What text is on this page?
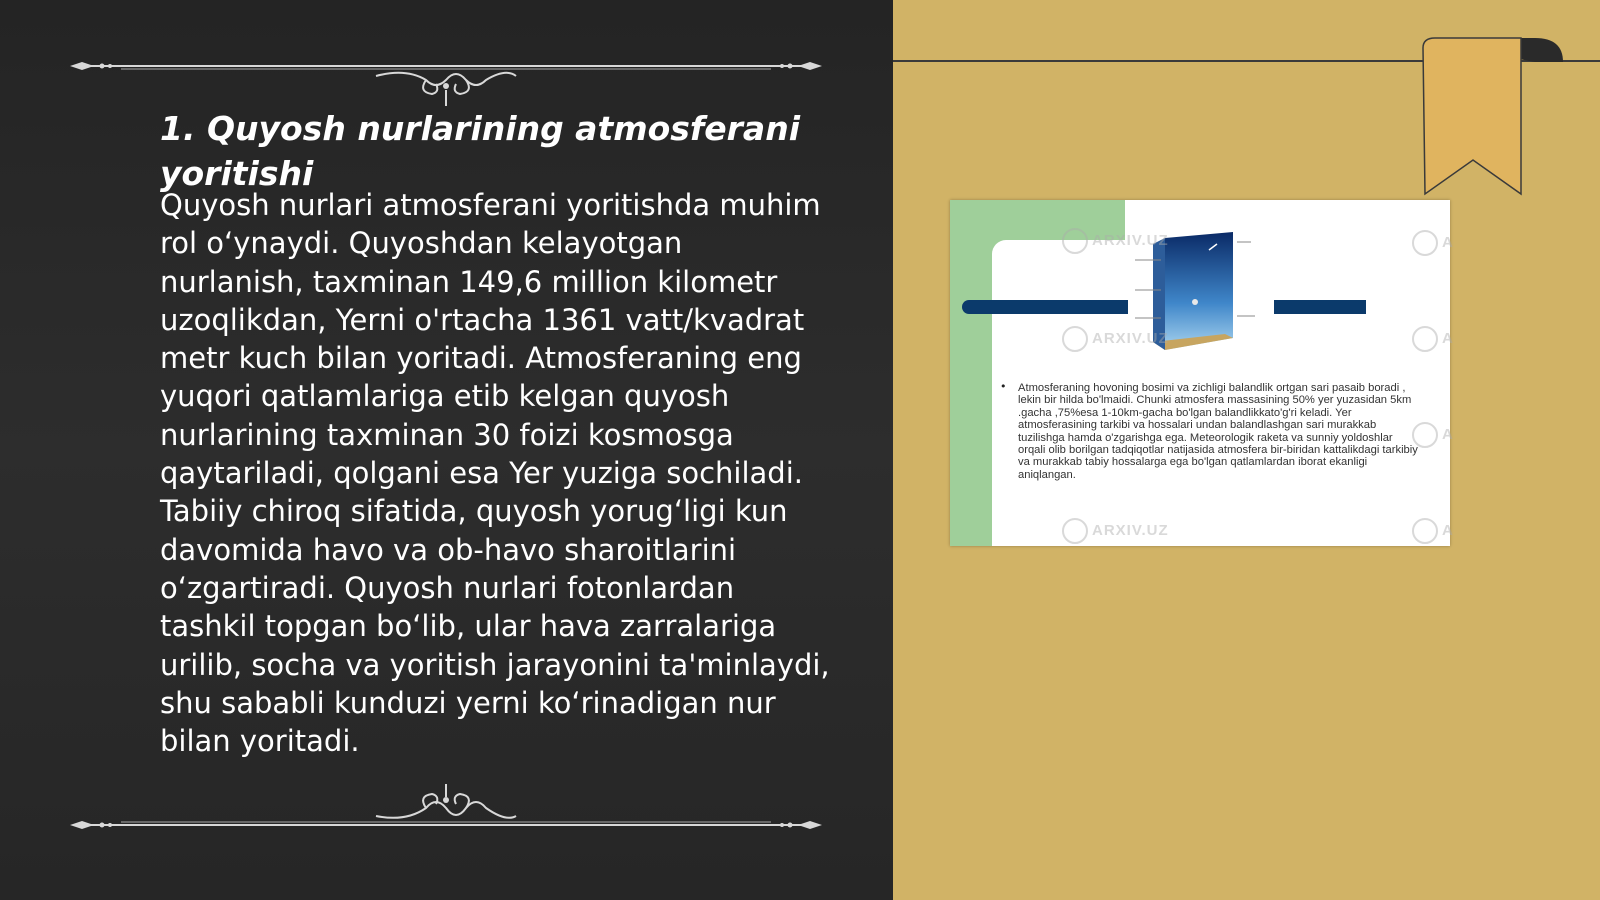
1. Quyosh nurlarining atmosferani yoritishi

Quyosh nurlari atmosferani yoritishda muhim rol o‘ynaydi. Quyoshdan kelayotgan nurlanish, taxminan 149,6 million kilometr uzoqlikdan, Yerni o'rtacha 1361 vatt/kvadrat metr kuch bilan yoritadi. Atmosferaning eng yuqori qatlamlariga etib kelgan quyosh nurlarining taxminan 30 foizi kosmosga qaytariladi, qolgani esa Yer yuziga sochiladi. Tabiiy chiroq sifatida, quyosh yorug‘ligi kun davomida havo va ob-havo sharoitlarini o‘zgartiradi. Quyosh nurlari fotonlardan tashkil topgan bo‘lib, ular hava zarralariga urilib, socha va yoritish jarayonini ta'minlaydi, shu sababli kunduzi yerni ko‘rinadigan nur bilan yoritadi.

• Atmosferaning hovoning bosimi va zichligi balandlik ortgan sari pasaib boradi , lekin bir hilda bo'lmaidi. Chunki atmosfera massasining 50% yer yuzasidan 5km .gacha ,75%esa 1-10km-gacha bo'lgan balandlikkato'g'ri keladi. Yer atmosferasining tarkibi va hossalari undan balandlashgan sari murakkab tuzilishga hamda o'zgarishga ega. Meteorologik raketa va sunniy yoldoshlar orqali olib borilgan tadqiqotlar natijasida atmosfera bir-biridan kattalikdagi tarkibiy va murakkab tabiy hossalarga ega bo'lgan qatlamlardan iborat ekanligi aniqlangan.

ARXIV.UZ
ARXIV.UZ
ARXIV.UZ
A
A
A
A
